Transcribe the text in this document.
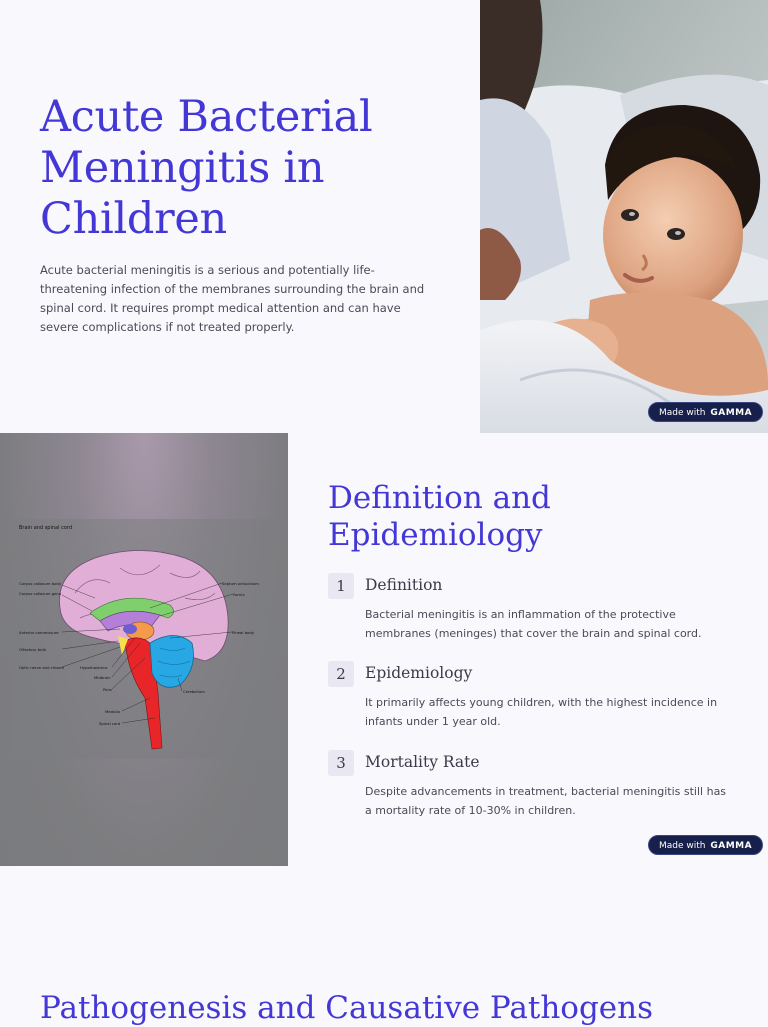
Acute Bacterial Meningitis in Children

Acute bacterial meningitis is a serious and potentially life-threatening infection of the membranes surrounding the brain and spinal cord. It requires prompt medical attention and can have severe complications if not treated properly.

Made with GAMMA
Brain and spinal cord
Corpus callosum body
Corpus callosum genu
Anterior commissure
Olfactory bulb
Optic nerve and chiasm	Hypothalamus
Midbrain
Pons
Medulla
Spinal cord
Septum pellucidum
Fornix
Pineal body
Cerebellum
Definition and Epidemiology
1	Definition

Bacterial meningitis is an inflammation of the protective membranes (meninges) that cover the brain and spinal cord.

2	Epidemiology

It primarily affects young children, with the highest incidence in infants under 1 year old.

3	Mortality Rate

Despite advancements in treatment, bacterial meningitis still has a mortality rate of 10-30% in children.

Made with GAMMA
Pathogenesis and Causative Pathogens
